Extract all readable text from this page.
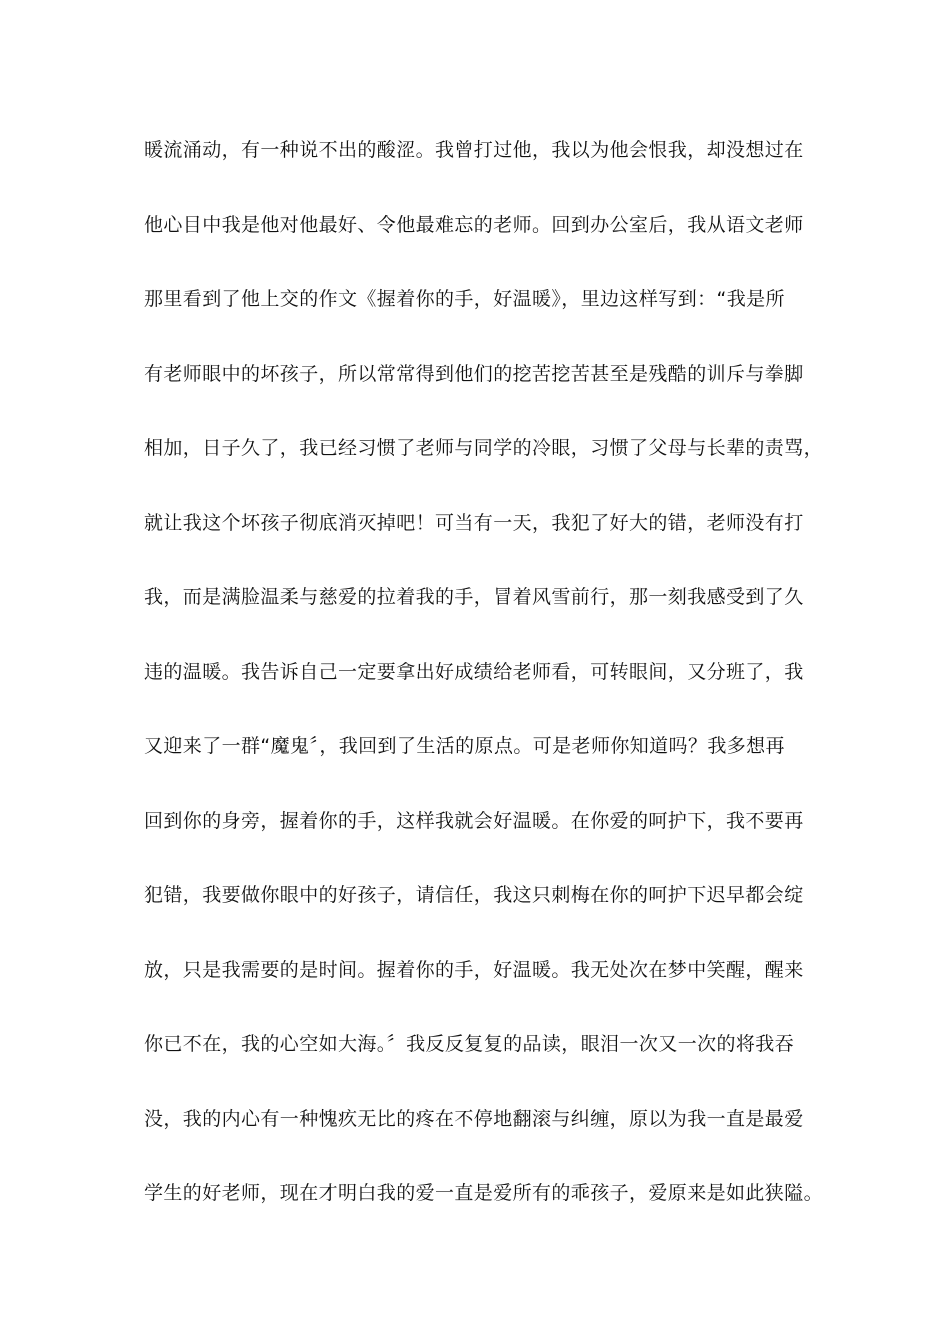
暖流涌动，有一种说不出的酸涩。我曾打过他，我以为他会恨我，却没想过在
他心目中我是他对他最好、令他最难忘的老师。回到办公室后，我从语文老师
那里看到了他上交的作文《握着你的手，好温暖》，里边这样写到：“我是所
有老师眼中的坏孩子，所以常常得到他们的挖苦挖苦甚至是残酷的训斥与拳脚
相加，日子久了，我已经习惯了老师与同学的冷眼，习惯了父母与长辈的责骂，
就让我这个坏孩子彻底消灭掉吧！可当有一天，我犯了好大的错，老师没有打
我，而是满脸温柔与慈爱的拉着我的手，冒着风雪前行，那一刻我感受到了久
违的温暖。我告诉自己一定要拿出好成绩给老师看，可转眼间，又分班了，我
又迎来了一群“魔鬼〞，我回到了生活的原点。可是老师你知道吗？我多想再
回到你的身旁，握着你的手，这样我就会好温暖。在你爱的呵护下，我不要再
犯错，我要做你眼中的好孩子，请信任，我这只刺梅在你的呵护下迟早都会绽
放，只是我需要的是时间。握着你的手，好温暖。我无处次在梦中笑醒，醒来
你已不在，我的心空如大海。〞我反反复复的品读，眼泪一次又一次的将我吞
没，我的内心有一种愧疚无比的疼在不停地翻滚与纠缠，原以为我一直是最爱
学生的好老师，现在才明白我的爱一直是爱所有的乖孩子，爱原来是如此狭隘。
